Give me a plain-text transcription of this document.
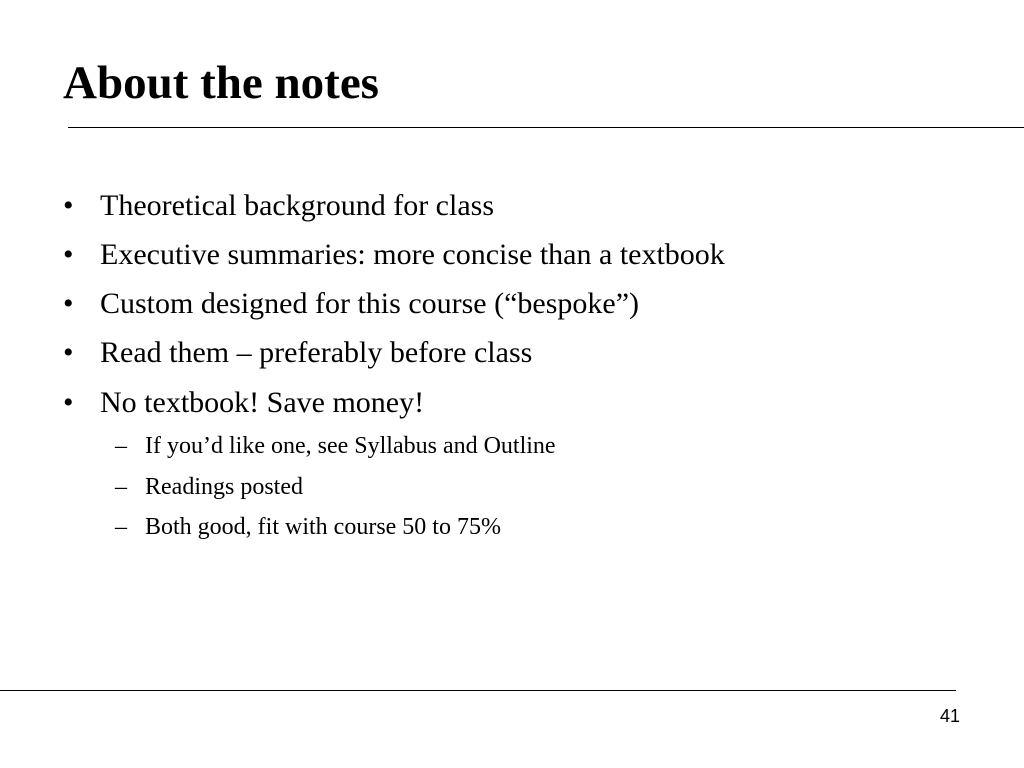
About the notes
• Theoretical background for class
• Executive summaries: more concise than a textbook
• Custom designed for this course (“bespoke”)
• Read them – preferably before class
• No textbook! Save money!
– If you’d like one, see Syllabus and Outline
– Readings posted
– Both good, fit with course 50 to 75%
41
